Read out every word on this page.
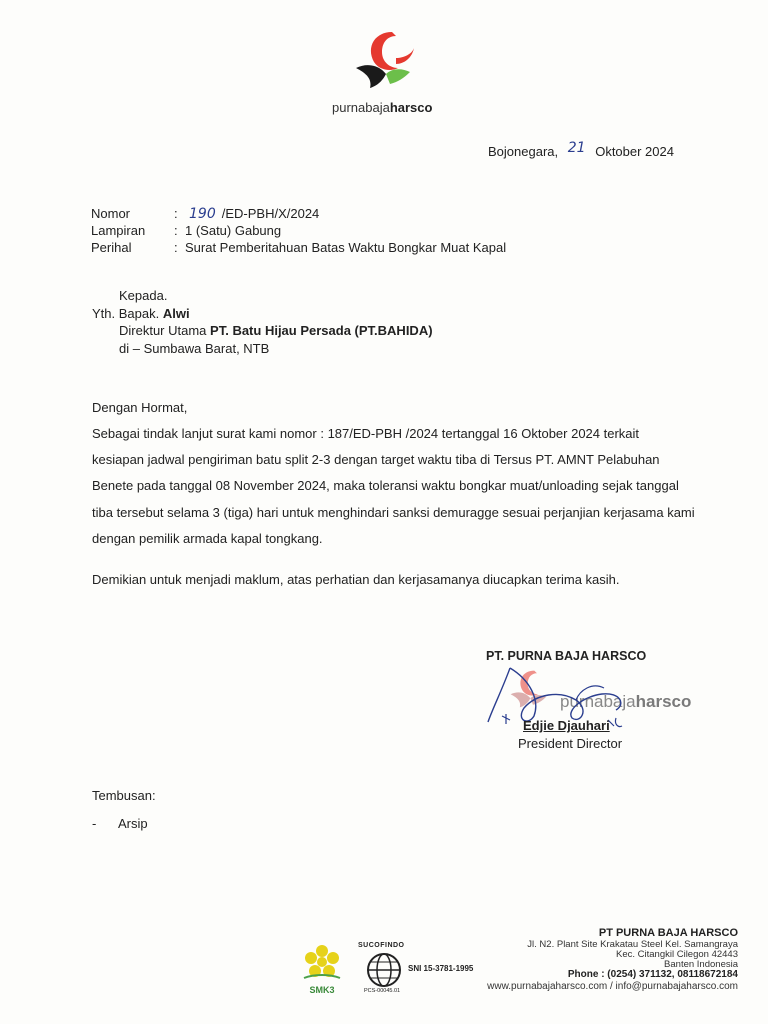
purnabajaharsco
Bojonegara, 21 Oktober 2024
Nomor	: 190 /ED-PBH/X/2024
Lampiran	: 1 (Satu) Gabung
Perihal	: Surat Pemberitahuan Batas Waktu Bongkar Muat Kapal
Kepada.
Yth. Bapak. Alwi
Direktur Utama PT. Batu Hijau Persada (PT.BAHIDA)
di – Sumbawa Barat, NTB
Dengan Hormat,
Sebagai tindak lanjut surat kami nomor : 187/ED-PBH /2024 tertanggal 16 Oktober 2024 terkait
kesiapan jadwal pengiriman batu split 2-3 dengan target waktu tiba di Tersus PT. AMNT Pelabuhan
Benete pada tanggal 08 November 2024, maka toleransi waktu bongkar muat/unloading sejak tanggal
tiba tersebut selama 3 (tiga) hari untuk menghindari sanksi demuragge sesuai perjanjian kerjasama kami
dengan pemilik armada kapal tongkang.
Demikian untuk menjadi maklum, atas perhatian dan kerjasamanya diucapkan terima kasih.
PT. PURNA BAJA HARSCO
purnabajaharsco
Edjie Djauhari
President Director
Tembusan:
- Arsip
SMK3
SUCOFINDO
PCS-00045.01
SNI 15-3781-1995
PT PURNA BAJA HARSCO
Jl. N2. Plant Site Krakatau Steel Kel. Samangraya
Kec. Citangkil Cilegon 42443
Banten Indonesia
Phone : (0254) 371132, 08118672184
www.purnabajaharsco.com / info@purnabajaharsco.com
